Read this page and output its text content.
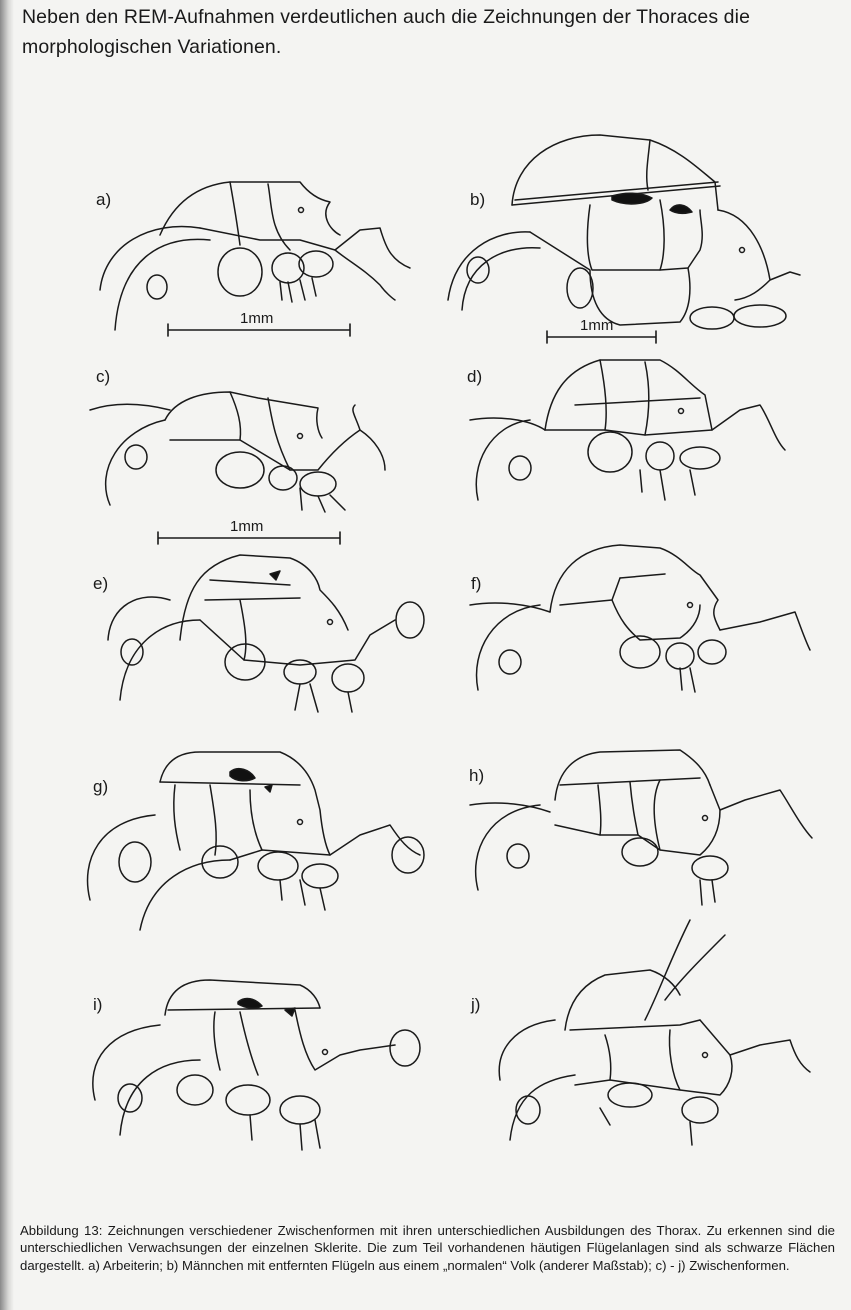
Neben den REM-Aufnahmen verdeutlichen auch die Zeichnungen der Thoraces die morphologischen Variationen.

a)	b)
c)	d)
e)	f)
g)
h)
i)	j)
1mm	1mm
1mm

Abbildung 13: Zeichnungen verschiedener Zwischenformen mit ihren unterschiedlichen Ausbildungen des Thorax. Zu erkennen sind die unterschiedlichen Verwachsungen der einzelnen Sklerite. Die zum Teil vorhandenen häutigen Flügelanlagen sind als schwarze Flächen dargestellt. a) Arbeiterin; b) Männchen mit entfernten Flügeln aus einem „normalen“ Volk (anderer Maßstab); c) - j) Zwischenformen.
